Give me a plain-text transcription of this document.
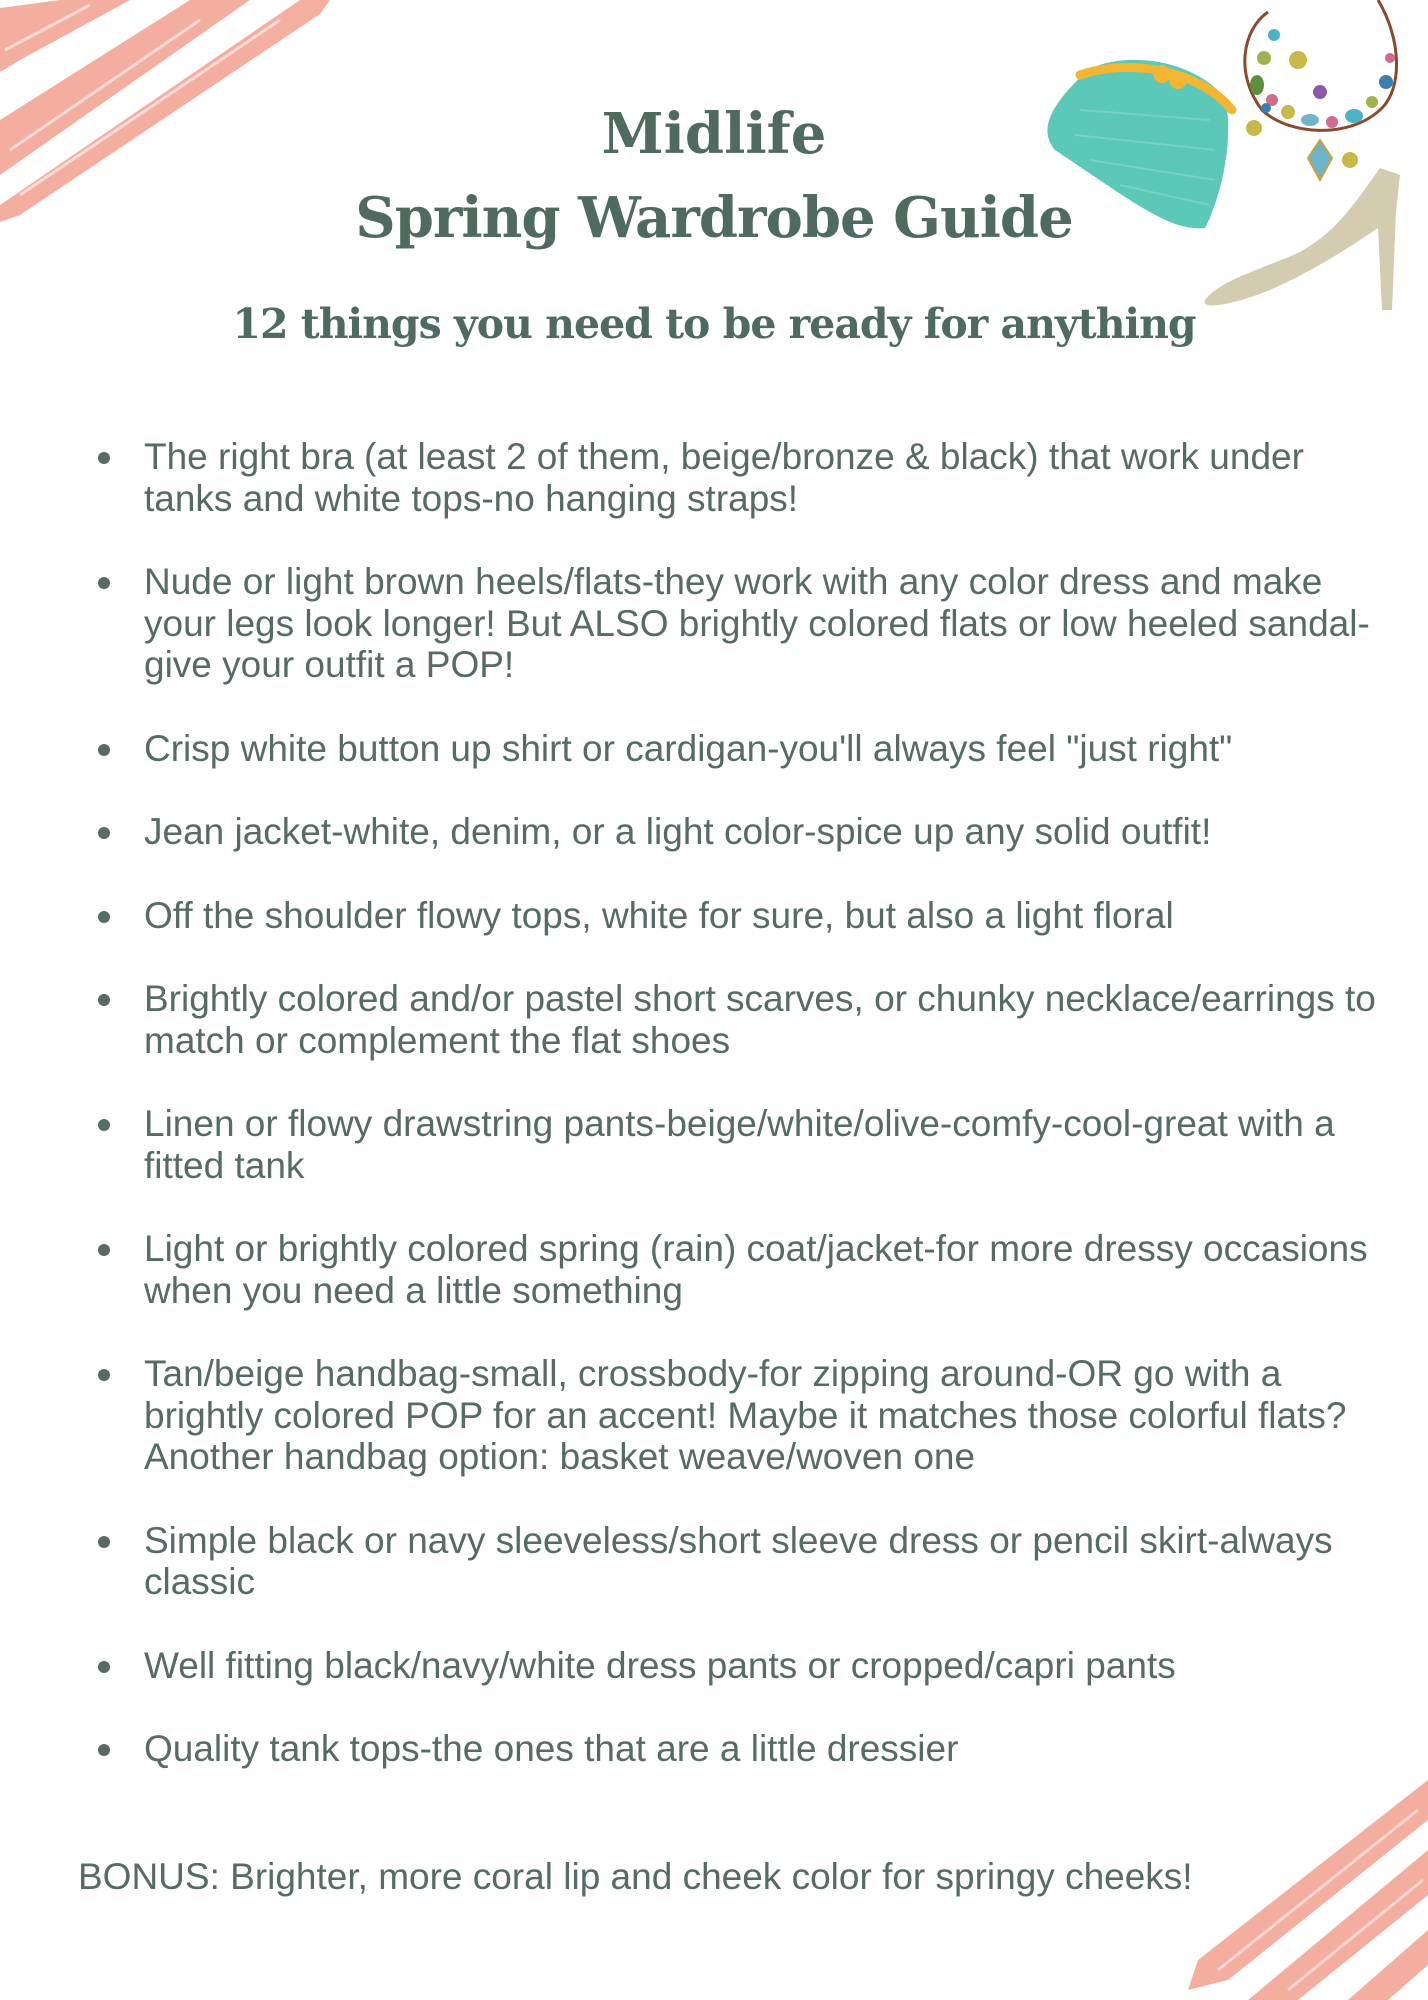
Midlife
Spring Wardrobe Guide
12 things you need to be ready for anything
The right bra (at least 2 of them, beige/bronze & black) that work under tanks and white tops-no hanging straps!
Nude or light brown heels/flats-they work with any color dress and make your legs look longer! But ALSO brightly colored flats or low heeled sandal-give your outfit a POP!
Crisp white button up shirt or cardigan-you'll always feel "just right"
Jean jacket-white, denim, or a light color-spice up any solid outfit!
Off the shoulder flowy tops, white for sure, but also a light floral
Brightly colored and/or pastel short scarves, or chunky necklace/earrings to match or complement the flat shoes
Linen or flowy drawstring pants-beige/white/olive-comfy-cool-great with a fitted tank
Light or brightly colored spring (rain) coat/jacket-for more dressy occasions when you need a little something
Tan/beige handbag-small, crossbody-for zipping around-OR go with a brightly colored POP for an accent! Maybe it matches those colorful flats? Another handbag option: basket weave/woven one
Simple black or navy sleeveless/short sleeve dress or pencil skirt-always classic
Well fitting black/navy/white dress pants or cropped/capri pants
Quality tank tops-the ones that are a little dressier
BONUS: Brighter, more coral lip and cheek color for springy cheeks!
